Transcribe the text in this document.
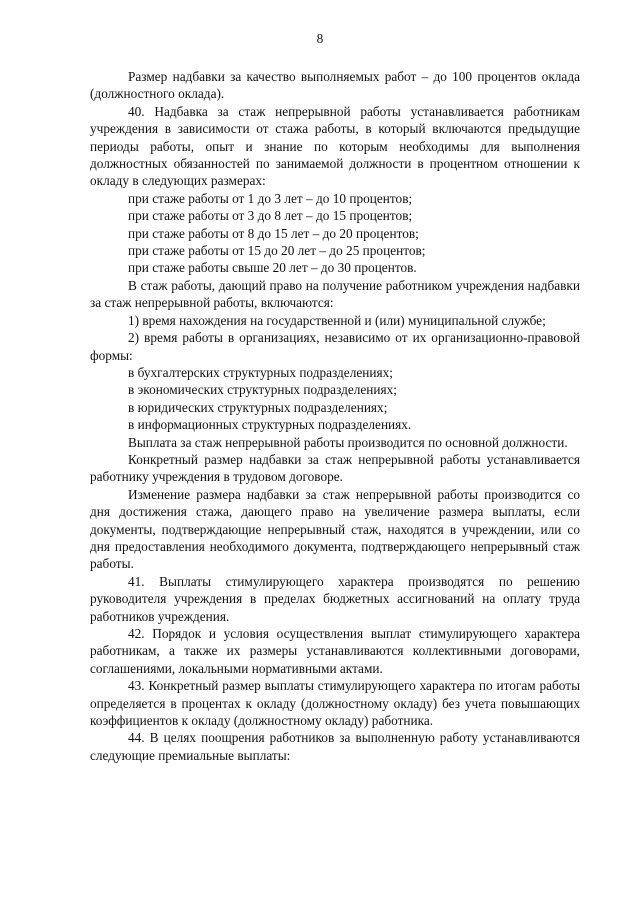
8

Размер надбавки за качество выполняемых работ – до 100 процентов оклада (должностного оклада).

40. Надбавка за стаж непрерывной работы устанавливается работникам учреждения в зависимости от стажа работы, в который включаются предыдущие периоды работы, опыт и знание по которым необходимы для выполнения должностных обязанностей по занимаемой должности в процентном отношении к окладу в следующих размерах:

при стаже работы от 1 до 3 лет – до 10 процентов;

при стаже работы от 3 до 8 лет – до 15 процентов;

при стаже работы от 8 до 15 лет – до 20 процентов;

при стаже работы от 15 до 20 лет – до 25 процентов;

при стаже работы свыше 20 лет – до 30 процентов.

В стаж работы, дающий право на получение работником учреждения надбавки за стаж непрерывной работы, включаются:

1) время нахождения на государственной и (или) муниципальной службе;

2) время работы в организациях, независимо от их организационно-правовой формы:

в бухгалтерских структурных подразделениях;

в экономических структурных подразделениях;

в юридических структурных подразделениях;

в информационных структурных подразделениях.

Выплата за стаж непрерывной работы производится по основной должности.

Конкретный размер надбавки за стаж непрерывной работы устанавливается работнику учреждения в трудовом договоре.

Изменение размера надбавки за стаж непрерывной работы производится со дня достижения стажа, дающего право на увеличение размера выплаты, если документы, подтверждающие непрерывный стаж, находятся в учреждении, или со дня предоставления необходимого документа, подтверждающего непрерывный стаж работы.

41. Выплаты стимулирующего характера производятся по решению руководителя учреждения в пределах бюджетных ассигнований на оплату труда работников учреждения.

42. Порядок и условия осуществления выплат стимулирующего характера работникам, а также их размеры устанавливаются коллективными договорами, соглашениями, локальными нормативными актами.

43. Конкретный размер выплаты стимулирующего характера по итогам работы определяется в процентах к окладу (должностному окладу) без учета повышающих коэффициентов к окладу (должностному окладу) работника.

44. В целях поощрения работников за выполненную работу устанавливаются следующие премиальные выплаты:
